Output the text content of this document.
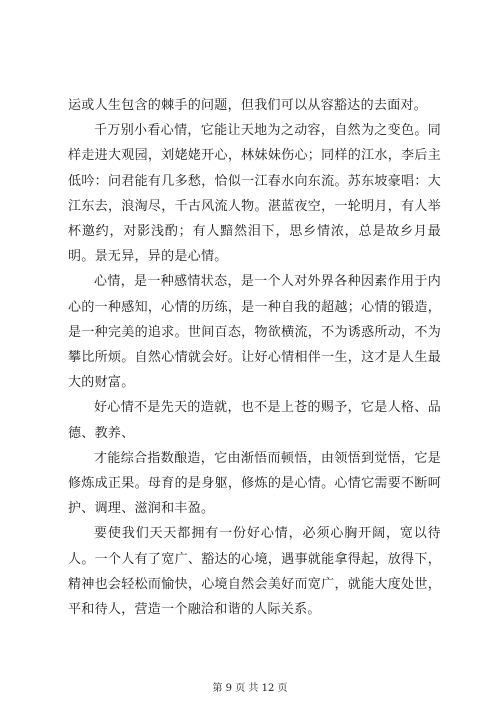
运或人生包含的棘手的问题，但我们可以从容豁达的去面对。

千万别小看心情，它能让天地为之动容，自然为之变色。同样走进大观园，刘姥姥开心，林妹妹伤心；同样的江水，李后主低吟：问君能有几多愁，恰似一江春水向东流。苏东坡豪唱：大江东去，浪淘尽，千古风流人物。湛蓝夜空，一轮明月，有人举杯邀约，对影浅酌；有人黯然泪下，思乡情浓，总是故乡月最明。景无异，异的是心情。

心情，是一种感情状态，是一个人对外界各种因素作用于内心的一种感知，心情的历练，是一种自我的超越；心情的锻造，是一种完美的追求。世间百态，物欲横流，不为诱惑所动，不为攀比所烦。自然心情就会好。让好心情相伴一生，这才是人生最大的财富。

好心情不是先天的造就，也不是上苍的赐予，它是人格、品德、教养、

才能综合指数酿造，它由渐悟而顿悟，由领悟到觉悟，它是修炼成正果。母育的是身躯，修炼的是心情。心情它需要不断呵护、调理、滋润和丰盈。

要使我们天天都拥有一份好心情，必须心胸开阔，宽以待人。一个人有了宽广、豁达的心境，遇事就能拿得起，放得下，精神也会轻松而愉快，心境自然会美好而宽广，就能大度处世，平和待人，营造一个融洽和谐的人际关系。

第 9 页 共 12 页
